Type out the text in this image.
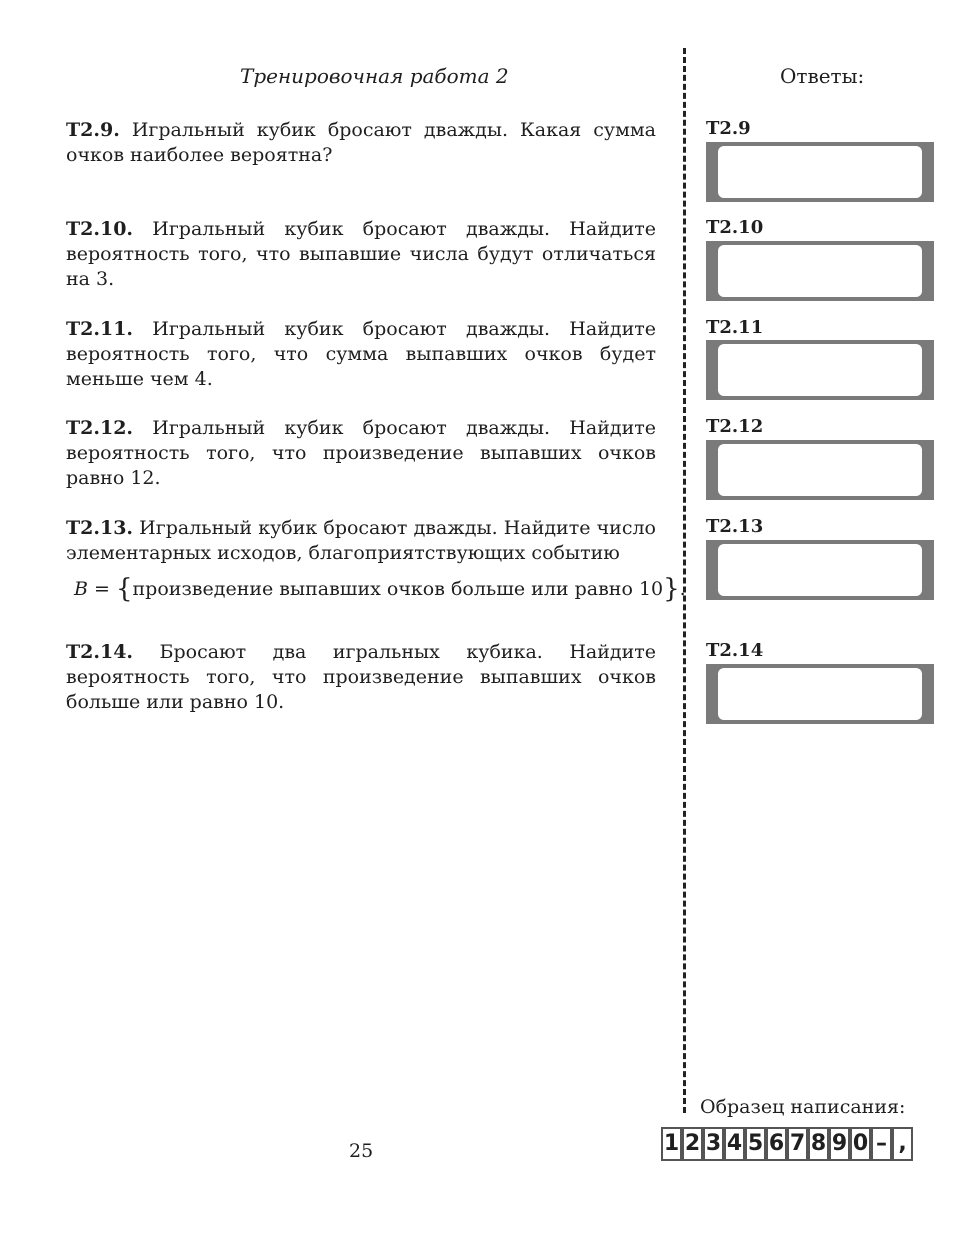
Тренировочная работа 2	Ответы:
Т2.9. Игральный кубик бросают дважды. Какая сумма очков наиболее вероятна?
Т2.10. Игральный кубик бросают дважды. Найдите вероятность того, что выпавшие числа будут отличаться на 3.
Т2.11. Игральный кубик бросают дважды. Найдите вероятность того, что сумма выпавших очков будет меньше чем 4.
Т2.12. Игральный кубик бросают дважды. Найдите вероятность того, что произведение выпавших очков равно 12.
Т2.13. Игральный кубик бросают дважды. Найдите число элементарных исходов, благоприятствующих событию
B = {произведение выпавших очков больше или равно 10}.
Т2.14. Бросают два игральных кубика. Найдите вероятность того, что произведение выпавших очков больше или равно 10.
Т2.9
Т2.10
Т2.11
Т2.12
Т2.13
Т2.14
25
Образец написания:
1 2 3 4 5 6 7 8 9 0 – ,
